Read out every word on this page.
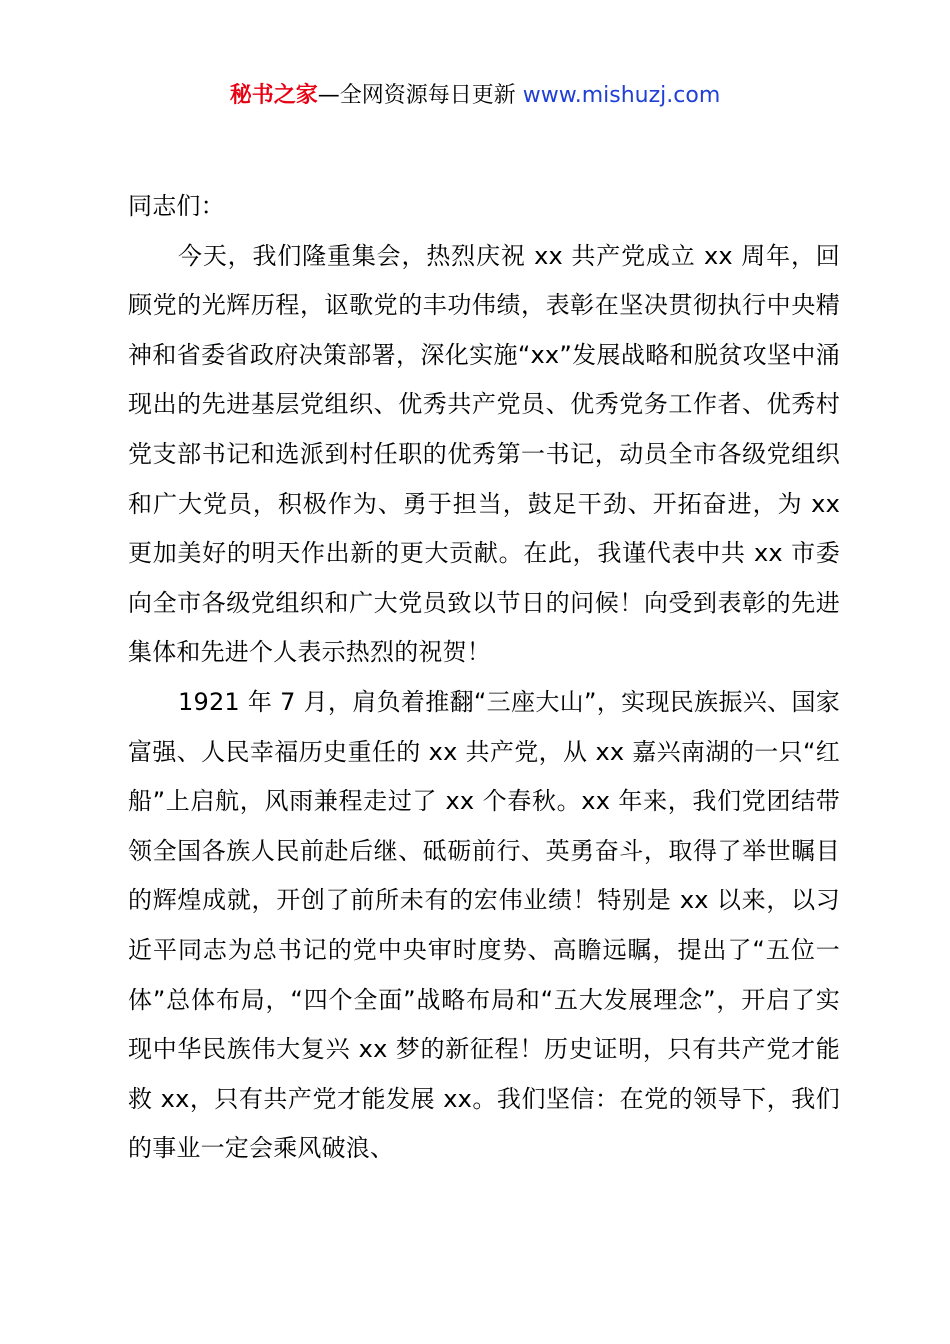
秘书之家—全网资源每日更新 www.mishuzj.com

同志们：

今天，我们隆重集会，热烈庆祝 xx 共产党成立 xx 周年，回顾党的光辉历程，讴歌党的丰功伟绩，表彰在坚决贯彻执行中央精神和省委省政府决策部署，深化实施“xx”发展战略和脱贫攻坚中涌现出的先进基层党组织、优秀共产党员、优秀党务工作者、优秀村党支部书记和选派到村任职的优秀第一书记，动员全市各级党组织和广大党员，积极作为、勇于担当，鼓足干劲、开拓奋进，为 xx 更加美好的明天作出新的更大贡献。在此，我谨代表中共 xx 市委向全市各级党组织和广大党员致以节日的问候！向受到表彰的先进集体和先进个人表示热烈的祝贺！

1921 年 7 月，肩负着推翻“三座大山”，实现民族振兴、国家富强、人民幸福历史重任的 xx 共产党，从 xx 嘉兴南湖的一只“红船”上启航，风雨兼程走过了 xx 个春秋。xx 年来，我们党团结带领全国各族人民前赴后继、砥砺前行、英勇奋斗，取得了举世瞩目的辉煌成就，开创了前所未有的宏伟业绩！特别是 xx 以来，以习近平同志为总书记的党中央审时度势、高瞻远瞩，提出了“五位一体”总体布局，“四个全面”战略布局和“五大发展理念”，开启了实现中华民族伟大复兴 xx 梦的新征程！历史证明，只有共产党才能救 xx，只有共产党才能发展 xx。我们坚信：在党的领导下，我们的事业一定会乘风破浪、
